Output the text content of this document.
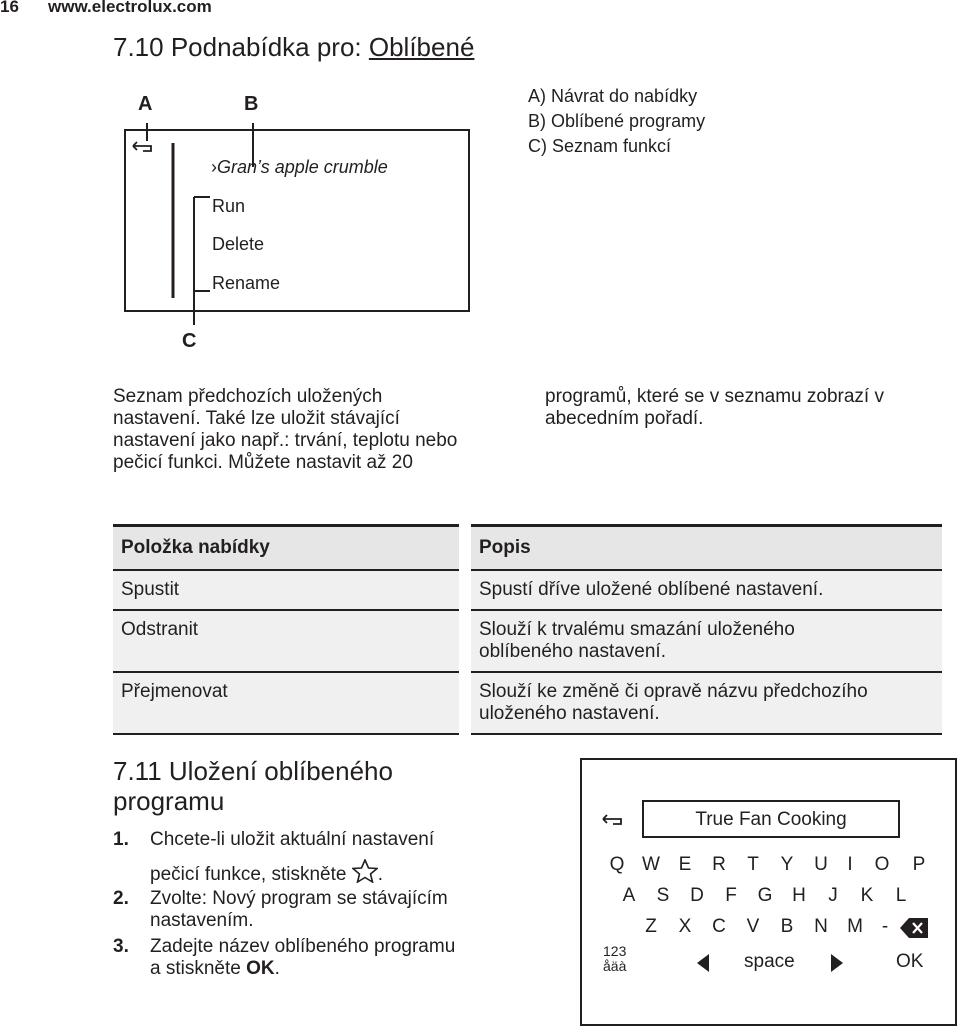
16 www.electrolux.com
7.10 Podnabídka pro: Oblíbené
A	B
C
›Gran’s apple crumble
Run
Delete
Rename
A) Návrat do nabídky
B) Oblíbené programy
C) Seznam funkcí
Seznam předchozích uložených
nastavení. Také lze uložit stávající
nastavení jako např.: trvání, teplotu nebo
pečicí funkci. Můžete nastavit až 20
programů, které se v seznamu zobrazí v
abecedním pořadí.
Položka nabídky		Popis
Spustit		Spustí dříve uložené oblíbené nastavení.
Odstranit		Slouží k trvalému smazání uloženého oblíbeného nastavení.
Přejmenovat		Slouží ke změně či opravě názvu předchozího uloženého nastavení.
7.11 Uložení oblíbeného
programu
1. Chcete-li uložit aktuální nastavení
pečicí funkce, stiskněte .
2. Zvolte: Nový program se stávajícím
nastavením.
3. Zadejte název oblíbeného programu
a stiskněte OK.
True Fan Cooking
Q W E R T Y U I O P
A S D F G H J K L
Z X C V B N M -
123
åäà	space	OK
